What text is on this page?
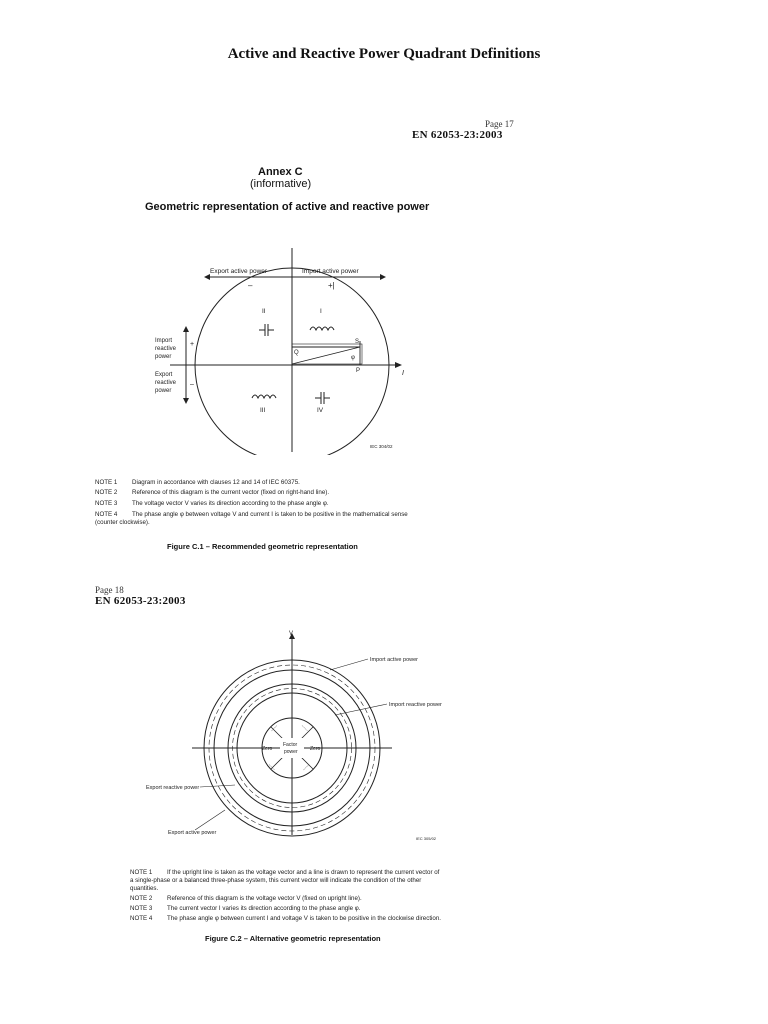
Active and Reactive Power Quadrant Definitions
Page 17
EN 62053-23:2003
Annex C
(informative)
Geometric representation of active and reactive power
Export active power	Import active power
–	+|
Import
reactive
power
+
Export
reactive
power
–
II	I
III	IV
Q
S
φ
P	I
IEC 304/02
NOTE 1 Diagram in accordance with clauses 12 and 14 of IEC 60375.
NOTE 2 Reference of this diagram is the current vector (fixed on right-hand line).
NOTE 3 The voltage vector V varies its direction according to the phase angle φ.
NOTE 4 The phase angle φ between voltage V and current I is taken to be positive in the mathematical sense
(counter clockwise).
Figure C.1 – Recommended geometric representation
Page 18
EN 62053-23:2003
V
Factor
power
Zero	Zero
~~~~	~~~~
~~~~	~~~~
Import active power
Import reactive power
Export reactive power
Export active power
IEC 305/02
NOTE 1 If the upright line is taken as the voltage vector and a line is drawn to represent the current vector of
a single-phase or a balanced three-phase system, this current vector will indicate the condition of the other
quantities.
NOTE 2 Reference of this diagram is the voltage vector V (fixed on upright line).
NOTE 3 The current vector I varies its direction according to the phase angle φ.
NOTE 4 The phase angle φ between current I and voltage V is taken to be positive in the clockwise direction.
Figure C.2 – Alternative geometric representation
